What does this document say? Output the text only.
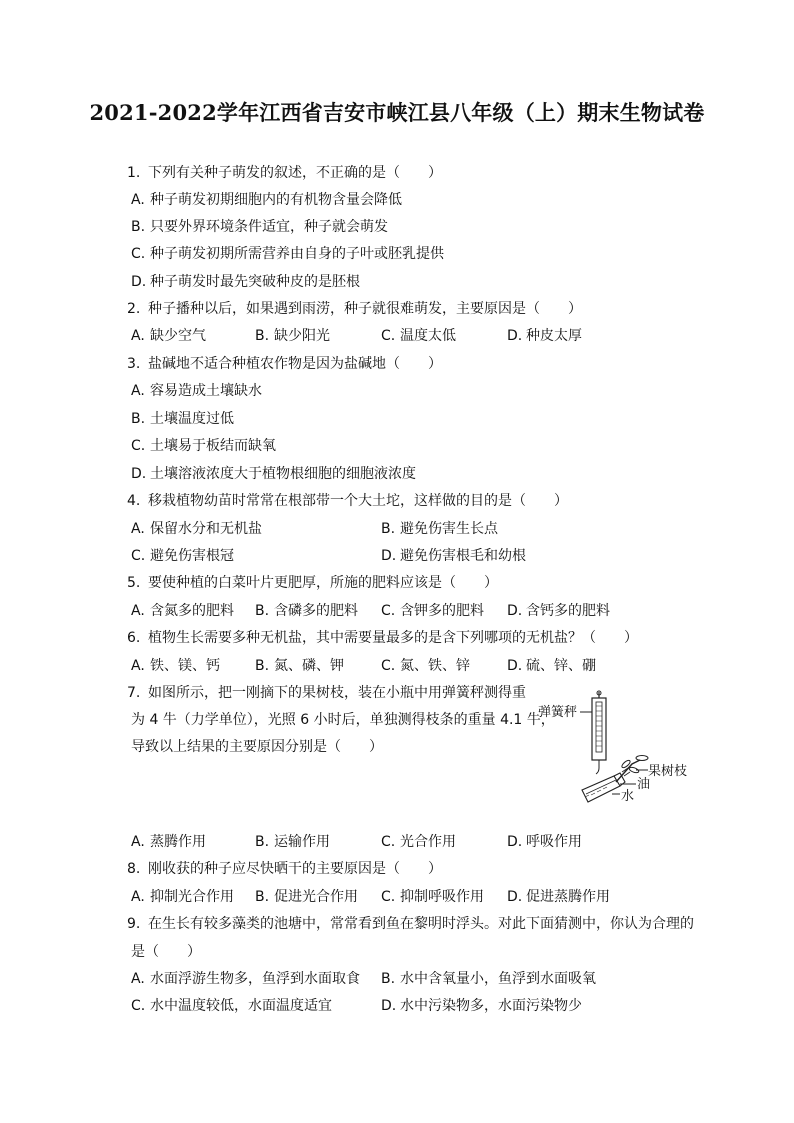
2021-2022学年江西省吉安市峡江县八年级（上）期末生物试卷
1. 下列有关种子萌发的叙述，不正确的是（　　）
A. 种子萌发初期细胞内的有机物含量会降低
B. 只要外界环境条件适宜，种子就会萌发
C. 种子萌发初期所需营养由自身的子叶或胚乳提供
D. 种子萌发时最先突破种皮的是胚根
2. 种子播种以后，如果遇到雨涝，种子就很难萌发，主要原因是（　　）
A. 缺少空气	B. 缺少阳光	C. 温度太低	D. 种皮太厚
3. 盐碱地不适合种植农作物是因为盐碱地（　　）
A. 容易造成土壤缺水
B. 土壤温度过低
C. 土壤易于板结而缺氧
D. 土壤溶液浓度大于植物根细胞的细胞液浓度
4. 移栽植物幼苗时常常在根部带一个大土坨，这样做的目的是（　　）
A. 保留水分和无机盐	B. 避免伤害生长点
C. 避免伤害根冠	D. 避免伤害根毛和幼根
5. 要使种植的白菜叶片更肥厚，所施的肥料应该是（　　）
A. 含氮多的肥料 B. 含磷多的肥料 C. 含钾多的肥料 D. 含钙多的肥料
6. 植物生长需要多种无机盐，其中需要量最多的是含下列哪项的无机盐？（　　）
A. 铁、镁、钙	B. 氮、磷、钾	C. 氮、铁、锌	D. 硫、锌、硼
7. 如图所示，把一刚摘下的果树枝，装在小瓶中用弹簧秤测得重
为 4 牛（力学单位），光照 6 小时后，单独测得枝条的重量 4.1 牛，
导致以上结果的主要原因分别是（　　）
弹簧秤
果树枝
油
水
A. 蒸腾作用	B. 运输作用	C. 光合作用	D. 呼吸作用
8. 刚收获的种子应尽快晒干的主要原因是（　　）
A. 抑制光合作用 B. 促进光合作用 C. 抑制呼吸作用 D. 促进蒸腾作用
9. 在生长有较多藻类的池塘中，常常看到鱼在黎明时浮头。对此下面猜测中，你认为合理的
是（　　）
A. 水面浮游生物多，鱼浮到水面取食 B. 水中含氧量小，鱼浮到水面吸氧
C. 水中温度较低，水面温度适宜	D. 水中污染物多，水面污染物少
